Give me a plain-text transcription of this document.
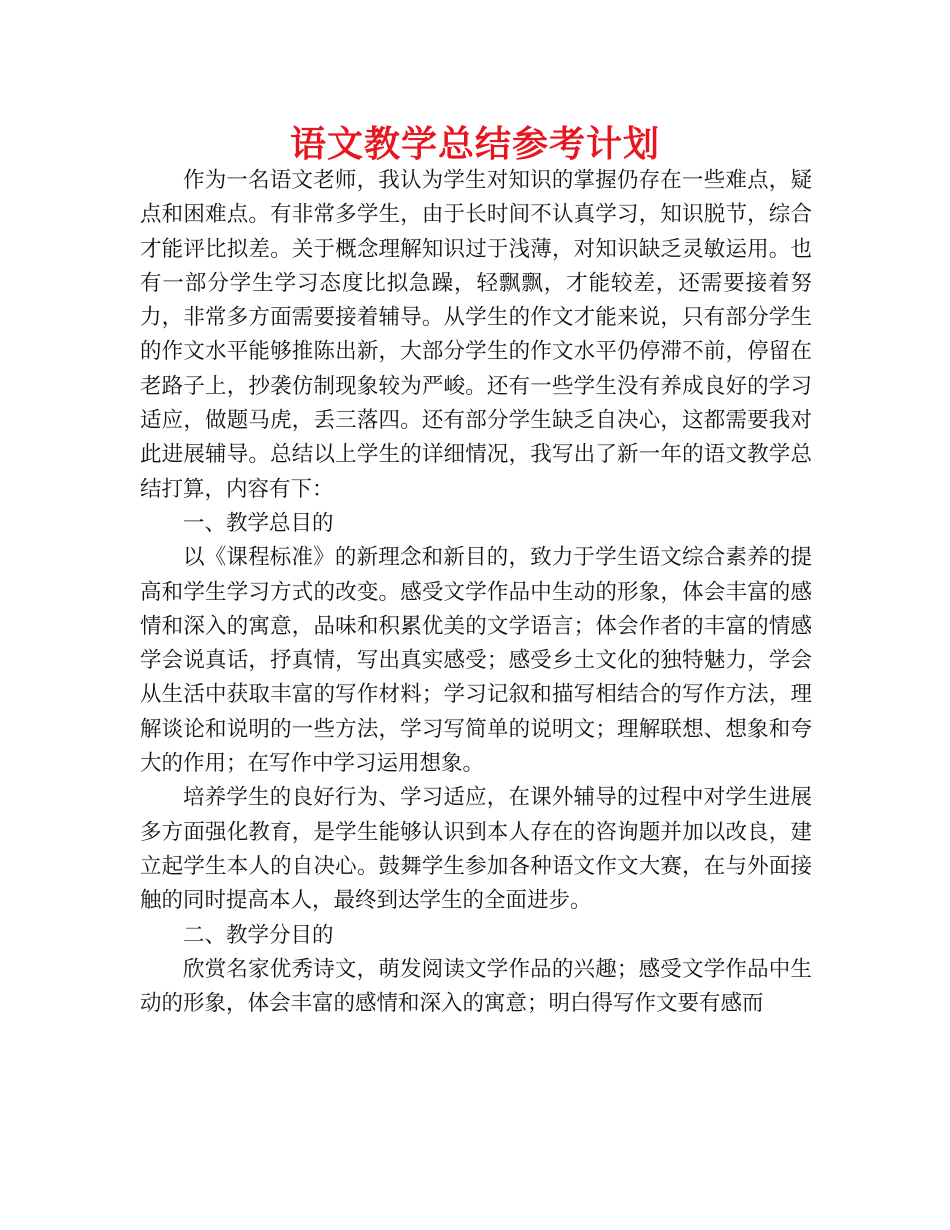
语文教学总结参考计划

作为一名语文老师，我认为学生对知识的掌握仍存在一些难点，疑点和困难点。有非常多学生，由于长时间不认真学习，知识脱节，综合才能评比拟差。关于概念理解知识过于浅薄，对知识缺乏灵敏运用。也有一部分学生学习态度比拟急躁，轻飘飘，才能较差，还需要接着努力，非常多方面需要接着辅导。从学生的作文才能来说，只有部分学生的作文水平能够推陈出新，大部分学生的作文水平仍停滞不前，停留在老路子上，抄袭仿制现象较为严峻。还有一些学生没有养成良好的学习适应，做题马虎，丢三落四。还有部分学生缺乏自决心，这都需要我对此进展辅导。总结以上学生的详细情况，我写出了新一年的语文教学总结打算，内容有下：

一、教学总目的

以《课程标准》的新理念和新目的，致力于学生语文综合素养的提高和学生学习方式的改变。感受文学作品中生动的形象，体会丰富的感情和深入的寓意，品味和积累优美的文学语言；体会作者的丰富的情感学会说真话，抒真情，写出真实感受；感受乡土文化的独特魅力，学会从生活中获取丰富的写作材料；学习记叙和描写相结合的写作方法，理解谈论和说明的一些方法，学习写简单的说明文；理解联想、想象和夸大的作用；在写作中学习运用想象。

培养学生的良好行为、学习适应，在课外辅导的过程中对学生进展多方面强化教育，是学生能够认识到本人存在的咨询题并加以改良，建立起学生本人的自决心。鼓舞学生参加各种语文作文大赛，在与外面接触的同时提高本人，最终到达学生的全面进步。

二、教学分目的

欣赏名家优秀诗文，萌发阅读文学作品的兴趣；感受文学作品中生动的形象，体会丰富的感情和深入的寓意；明白得写作文要有感而
